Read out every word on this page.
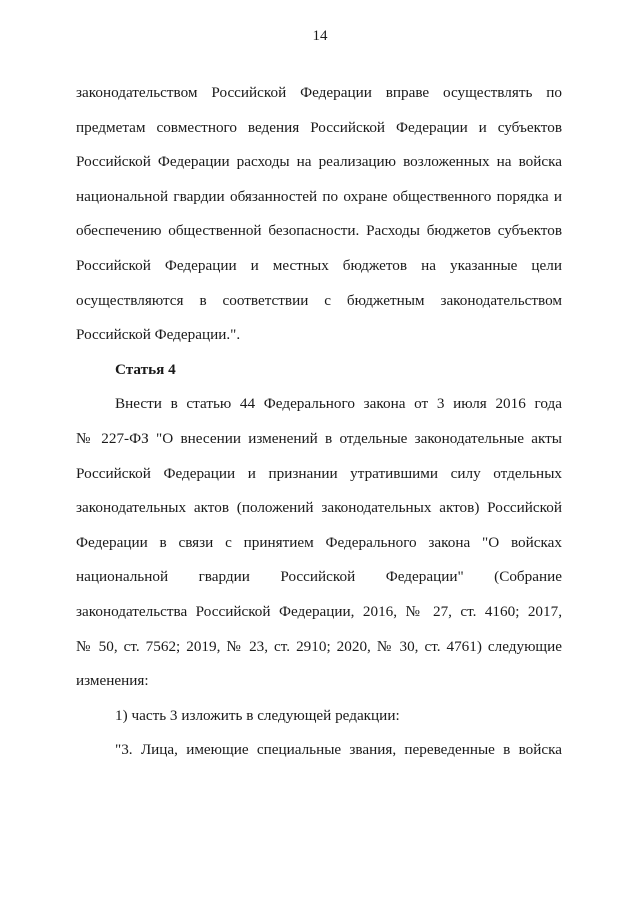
14
законодательством Российской Федерации вправе осуществлять по
предметам совместного ведения Российской Федерации и субъектов
Российской Федерации расходы на реализацию возложенных на войска
национальной гвардии обязанностей по охране общественного порядка и
обеспечению общественной безопасности. Расходы бюджетов субъектов
Российской Федерации и местных бюджетов на указанные цели
осуществляются в соответствии с бюджетным законодательством
Российской Федерации.".
Статья 4
Внести в статью 44 Федерального закона от 3 июля 2016 года
№ 227-ФЗ "О внесении изменений в отдельные законодательные акты
Российской Федерации и признании утратившими силу отдельных
законодательных актов (положений законодательных актов) Российской
Федерации в связи с принятием Федерального закона "О войсках
национальной гвардии Российской Федерации" (Собрание
законодательства Российской Федерации, 2016, № 27, ст. 4160; 2017,
№ 50, ст. 7562; 2019, № 23, ст. 2910; 2020, № 30, ст. 4761) следующие
изменения:
1) часть 3 изложить в следующей редакции:
"3. Лица, имеющие специальные звания, переведенные в войска
